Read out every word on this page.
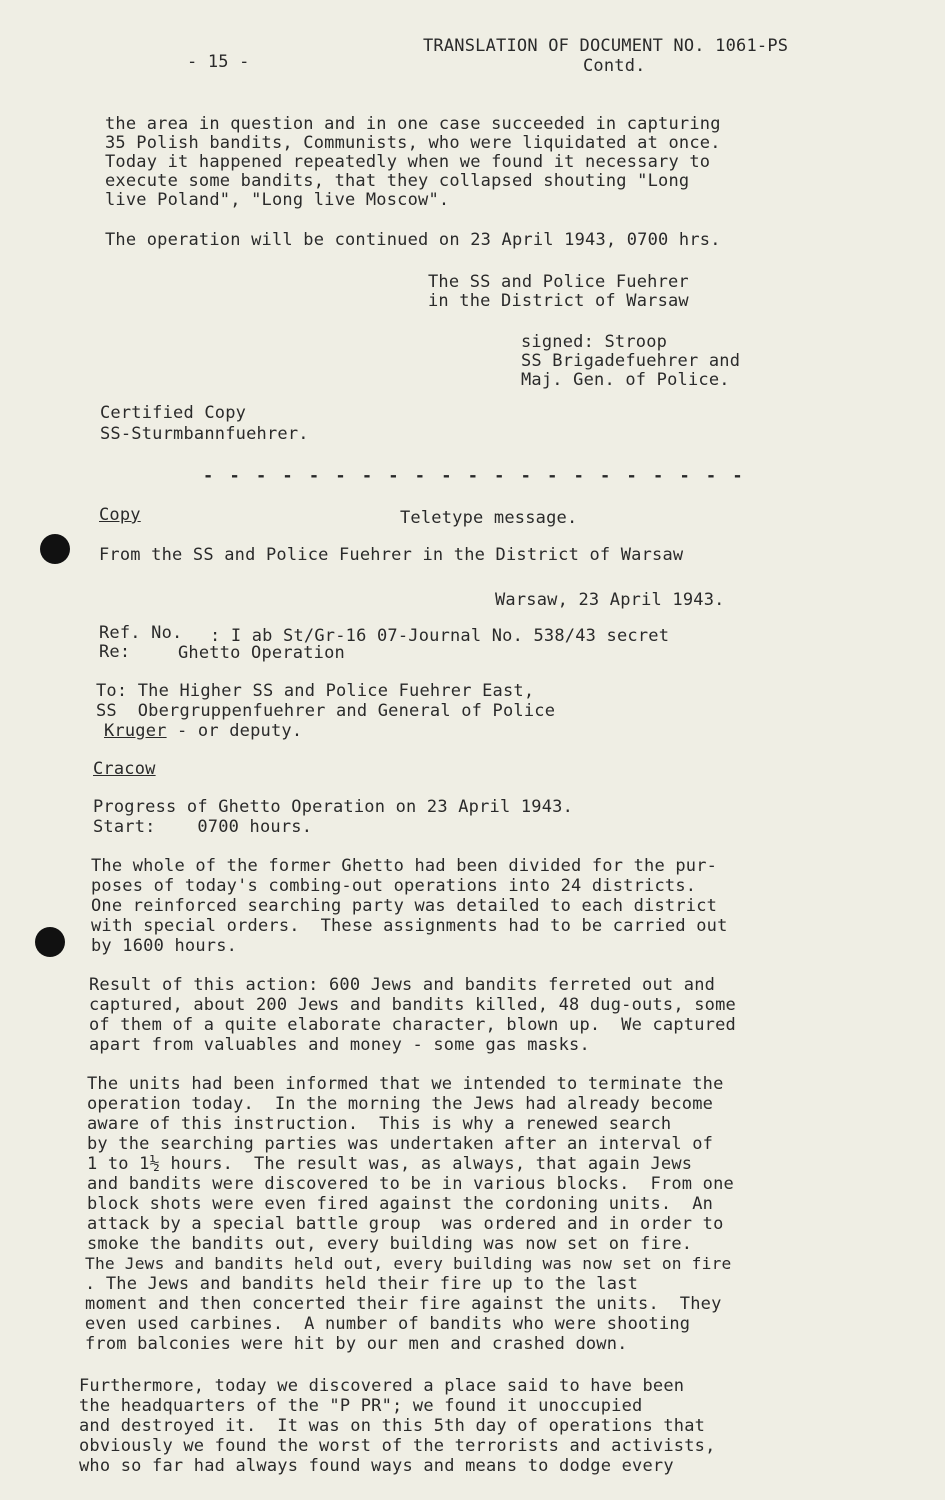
- 15 -
TRANSLATION OF DOCUMENT NO. 1061-PS
Contd.
the area in question and in one case succeeded in capturing
35 Polish bandits, Communists, who were liquidated at once.
Today it happened repeatedly when we found it necessary to
execute some bandits, that they collapsed shouting "Long
live Poland", "Long live Moscow".
The operation will be continued on 23 April 1943, 0700 hrs.
The SS and Police Fuehrer
in the District of Warsaw
signed: Stroop
SS Brigadefuehrer and
Maj. Gen. of Police.
Certified Copy
SS-Sturmbannfuehrer.
- - - - - - - - - - - - - - - - - - - - -
Copy	Teletype message.
From the SS and Police Fuehrer in the District of Warsaw
Warsaw, 23 April 1943.
Ref. No. : I ab St/Gr-16 07-Journal No. 538/43 secret
Re:	Ghetto Operation
To: The Higher SS and Police Fuehrer East,
SS  Obergruppenfuehrer and General of Police
Kruger - or deputy.
Cracow
Progress of Ghetto Operation on 23 April 1943.
Start:    0700 hours.
The whole of the former Ghetto had been divided for the pur-
poses of today's combing-out operations into 24 districts.
One reinforced searching party was detailed to each district
with special orders.  These assignments had to be carried out
by 1600 hours.
Result of this action: 600 Jews and bandits ferreted out and
captured, about 200 Jews and bandits killed, 48 dug-outs, some
of them of a quite elaborate character, blown up.  We captured
apart from valuables and money - some gas masks.
The units had been informed that we intended to terminate the
operation today.  In the morning the Jews had already become
aware of this instruction.  This is why a renewed search
by the searching parties was undertaken after an interval of
1 to 1½ hours.  The result was, as always, that again Jews
and bandits were discovered to be in various blocks.  From one
block shots were even fired against the cordoning units.  An
attack by a special battle group  was ordered and in order to
smoke the bandits out, every building was now set on fire.
The Jews and bandits held out, every building was now set on fire
. The Jews and bandits held their fire up to the last
moment and then concerted their fire against the units.  They
even used carbines.  A number of bandits who were shooting
from balconies were hit by our men and crashed down.
Furthermore, today we discovered a place said to have been
the headquarters of the "P PR"; we found it unoccupied
and destroyed it.  It was on this 5th day of operations that
obviously we found the worst of the terrorists and activists,
who so far had always found ways and means to dodge every
